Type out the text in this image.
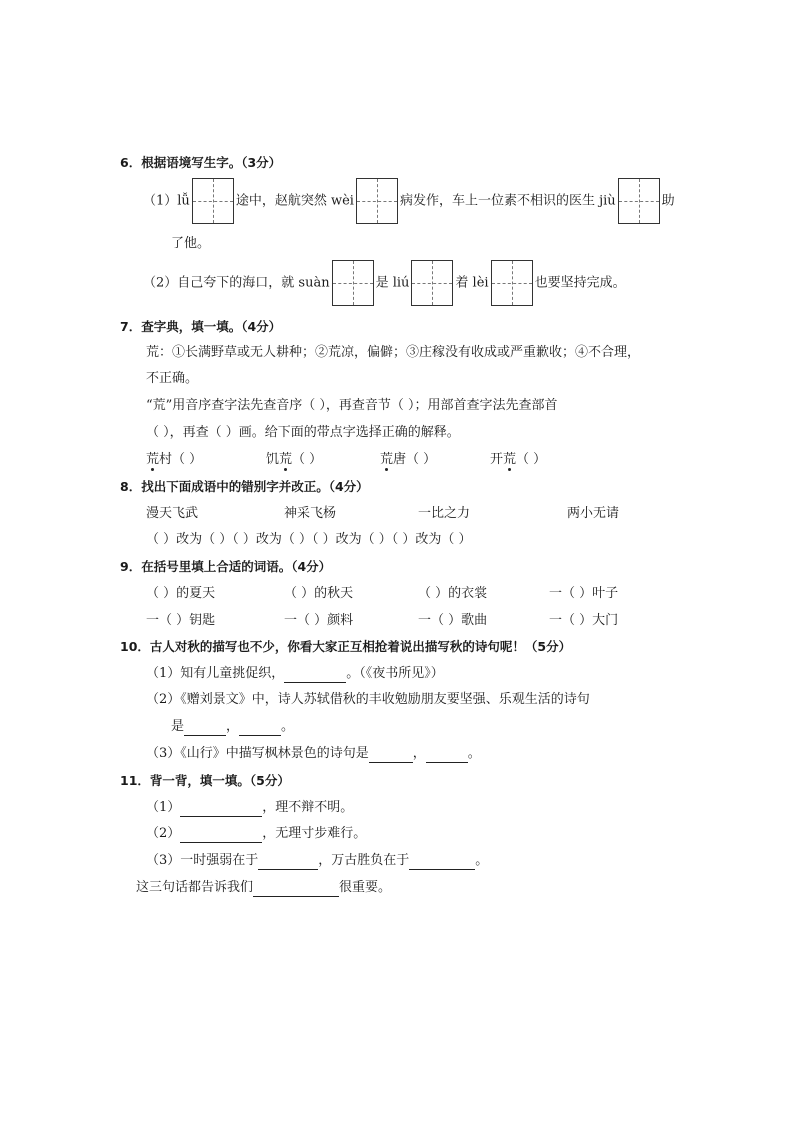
6．根据语境写生字。（3分）
（1）lǚ	途中，赵航突然 wèi	病发作，车上一位素不相识的医生 jiù	助
了他。
（2）自己夸下的海口，就 suàn	是 liú	着 lèi	也要坚持完成。
7．查字典，填一填。（4分）
荒：①长满野草或无人耕种；②荒凉，偏僻；③庄稼没有收成或严重歉收；④不合理，
不正确。
“荒”用音序查字法先查音序（ ），再查音节（ ）；用部首查字法先查部首
（ ），再查（ ）画。给下面的带点字选择正确的解释。
荒村（ ）	饥荒（ ）	荒唐（ ）	开荒（ ）
8．找出下面成语中的错别字并改正。（4分）
漫天飞武	神采飞杨	一比之力	两小无请
（ ）改为（ ）（ ）改为（ ）（ ）改为（ ）（ ）改为（ ）
9．在括号里填上合适的词语。（4分）
（ ）的夏天	（ ）的秋天	（ ）的衣裳	一（ ）叶子
一（ ）钥匙	一（ ）颜料	一（ ）歌曲	一（ ）大门
10．古人对秋的描写也不少，你看大家正互相抢着说出描写秋的诗句呢！（5分）
（1）知有儿童挑促织，	。（《夜书所见》）
（2）《赠刘景文》中，诗人苏轼借秋的丰收勉励朋友要坚强、乐观生活的诗句
是	，	。
（3）《山行》中描写枫林景色的诗句是	，	。
11．背一背，填一填。（5分）
（1）	，理不辩不明。
（2）	，无理寸步难行。
（3）一时强弱在于	，万古胜负在于	。
这三句话都告诉我们	很重要。
